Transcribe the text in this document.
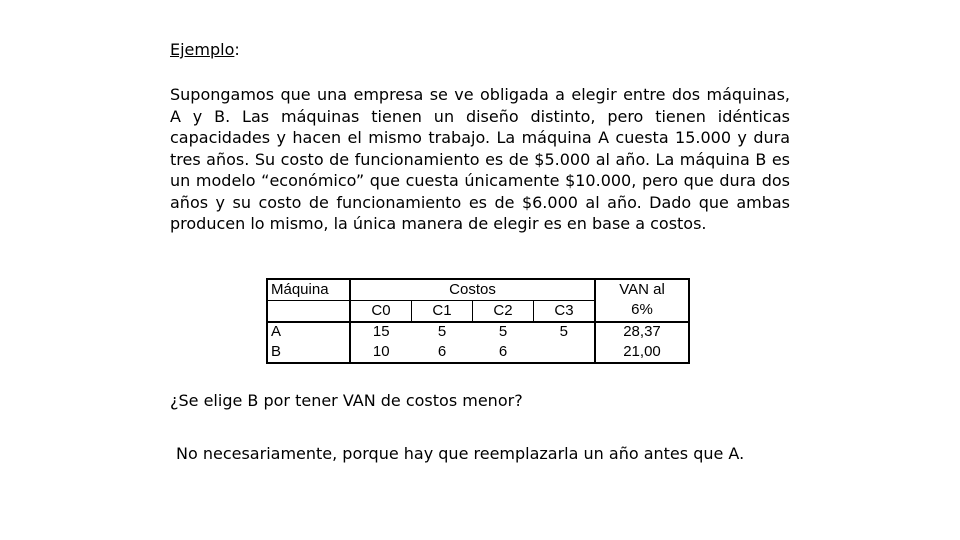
Ejemplo:
Supongamos que una empresa se ve obligada a elegir entre dos máquinas, A y B. Las máquinas tienen un diseño distinto, pero tienen idénticas capacidades y hacen el mismo trabajo. La máquina A cuesta 15.000 y dura tres años. Su costo de funcionamiento es de $5.000 al año. La máquina B es un modelo “económico” que cuesta únicamente $10.000, pero que dura dos años y su costo de funcionamiento es de $6.000 al año. Dado que ambas producen lo mismo, la única manera de elegir es en base a costos.
Máquina	Costos				VAN al
	C0	C1	C2	C3	6%
A	15	5	5	5	28,37
B	10	6	6		21,00
¿Se elige B por tener VAN de costos menor?
No necesariamente, porque hay que reemplazarla un año antes que A.
